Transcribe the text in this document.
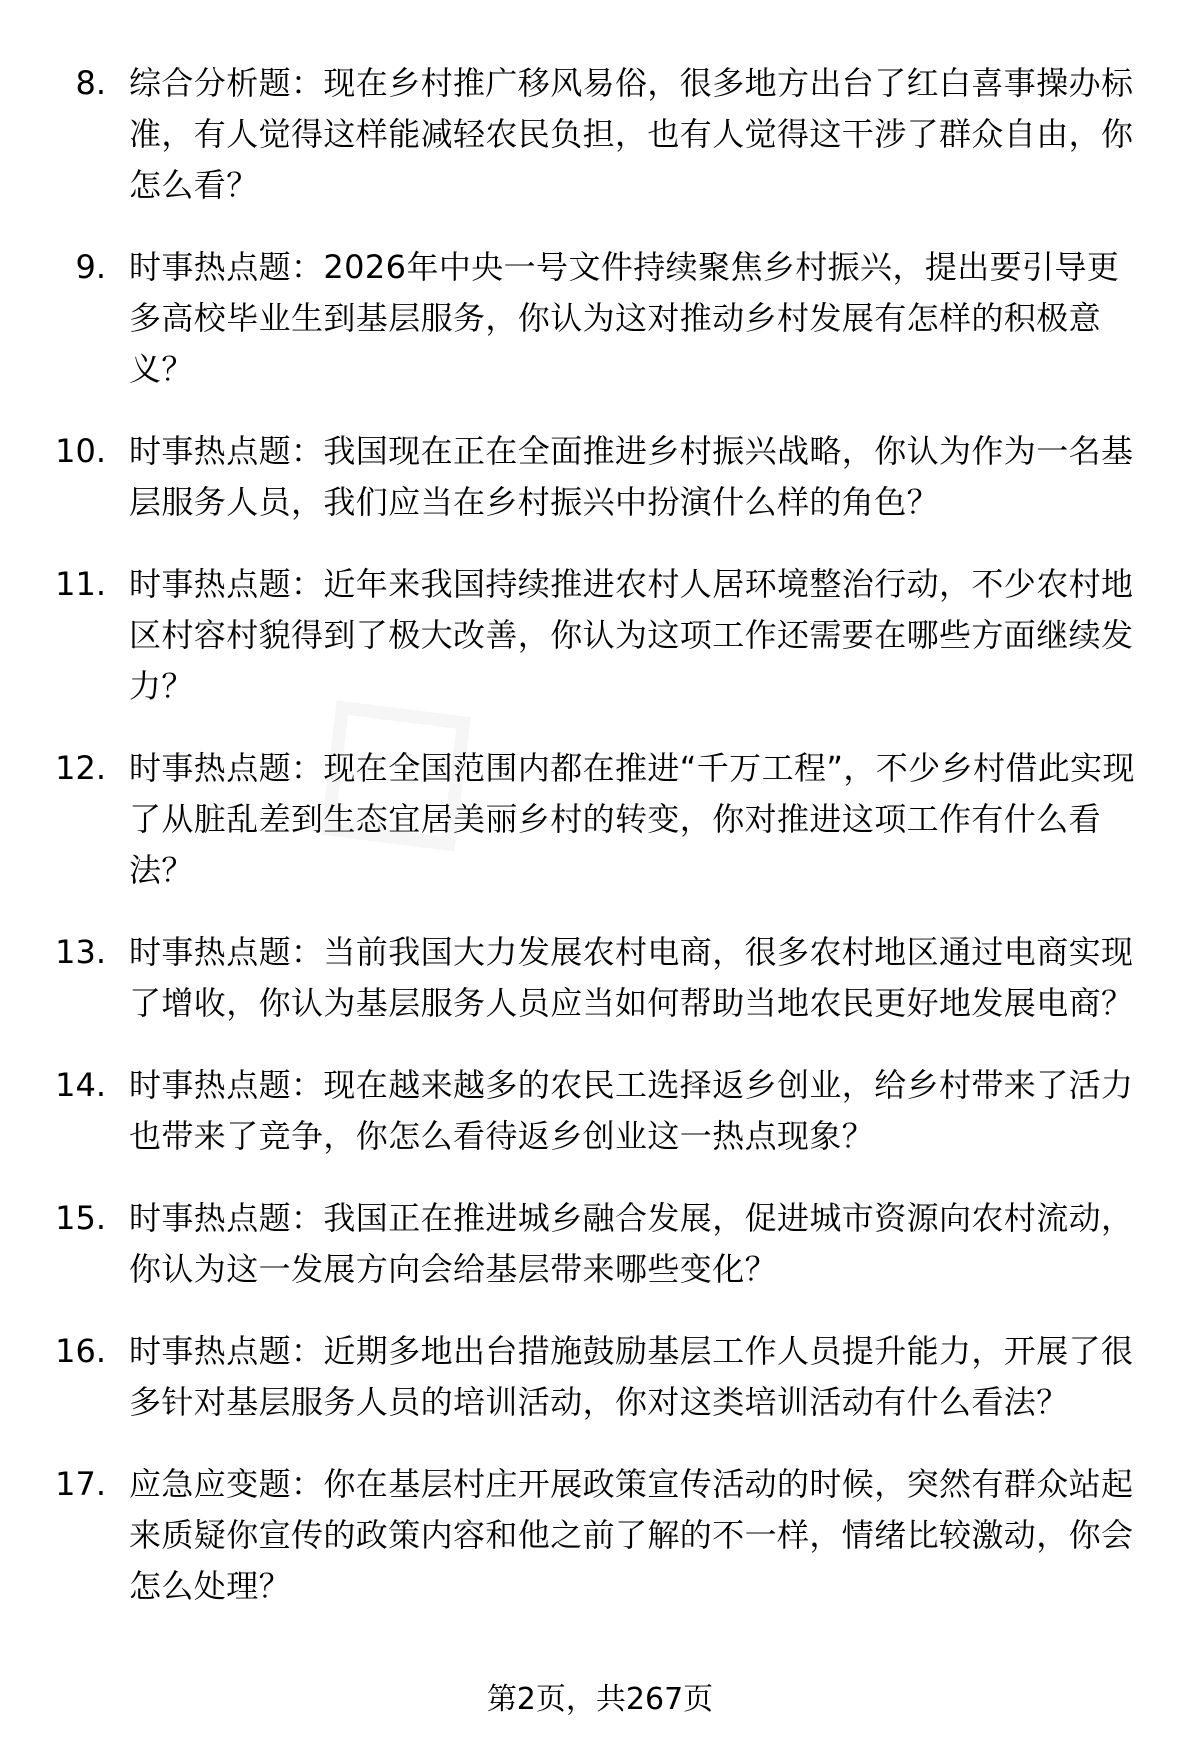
8. 综合分析题：现在乡村推广移风易俗，很多地方出台了红白喜事操办标准，有人觉得这样能减轻农民负担，也有人觉得这干涉了群众自由，你怎么看？
9. 时事热点题：2026年中央一号文件持续聚焦乡村振兴，提出要引导更多高校毕业生到基层服务，你认为这对推动乡村发展有怎样的积极意义？
10. 时事热点题：我国现在正在全面推进乡村振兴战略，你认为作为一名基层服务人员，我们应当在乡村振兴中扮演什么样的角色？
11. 时事热点题：近年来我国持续推进农村人居环境整治行动，不少农村地区村容村貌得到了极大改善，你认为这项工作还需要在哪些方面继续发力？
12. 时事热点题：现在全国范围内都在推进“千万工程”，不少乡村借此实现了从脏乱差到生态宜居美丽乡村的转变，你对推进这项工作有什么看法？
13. 时事热点题：当前我国大力发展农村电商，很多农村地区通过电商实现了增收，你认为基层服务人员应当如何帮助当地农民更好地发展电商？
14. 时事热点题：现在越来越多的农民工选择返乡创业，给乡村带来了活力也带来了竞争，你怎么看待返乡创业这一热点现象？
15. 时事热点题：我国正在推进城乡融合发展，促进城市资源向农村流动，你认为这一发展方向会给基层带来哪些变化？
16. 时事热点题：近期多地出台措施鼓励基层工作人员提升能力，开展了很多针对基层服务人员的培训活动，你对这类培训活动有什么看法？
17. 应急应变题：你在基层村庄开展政策宣传活动的时候，突然有群众站起来质疑你宣传的政策内容和他之前了解的不一样，情绪比较激动，你会怎么处理？
第2页，共267页
